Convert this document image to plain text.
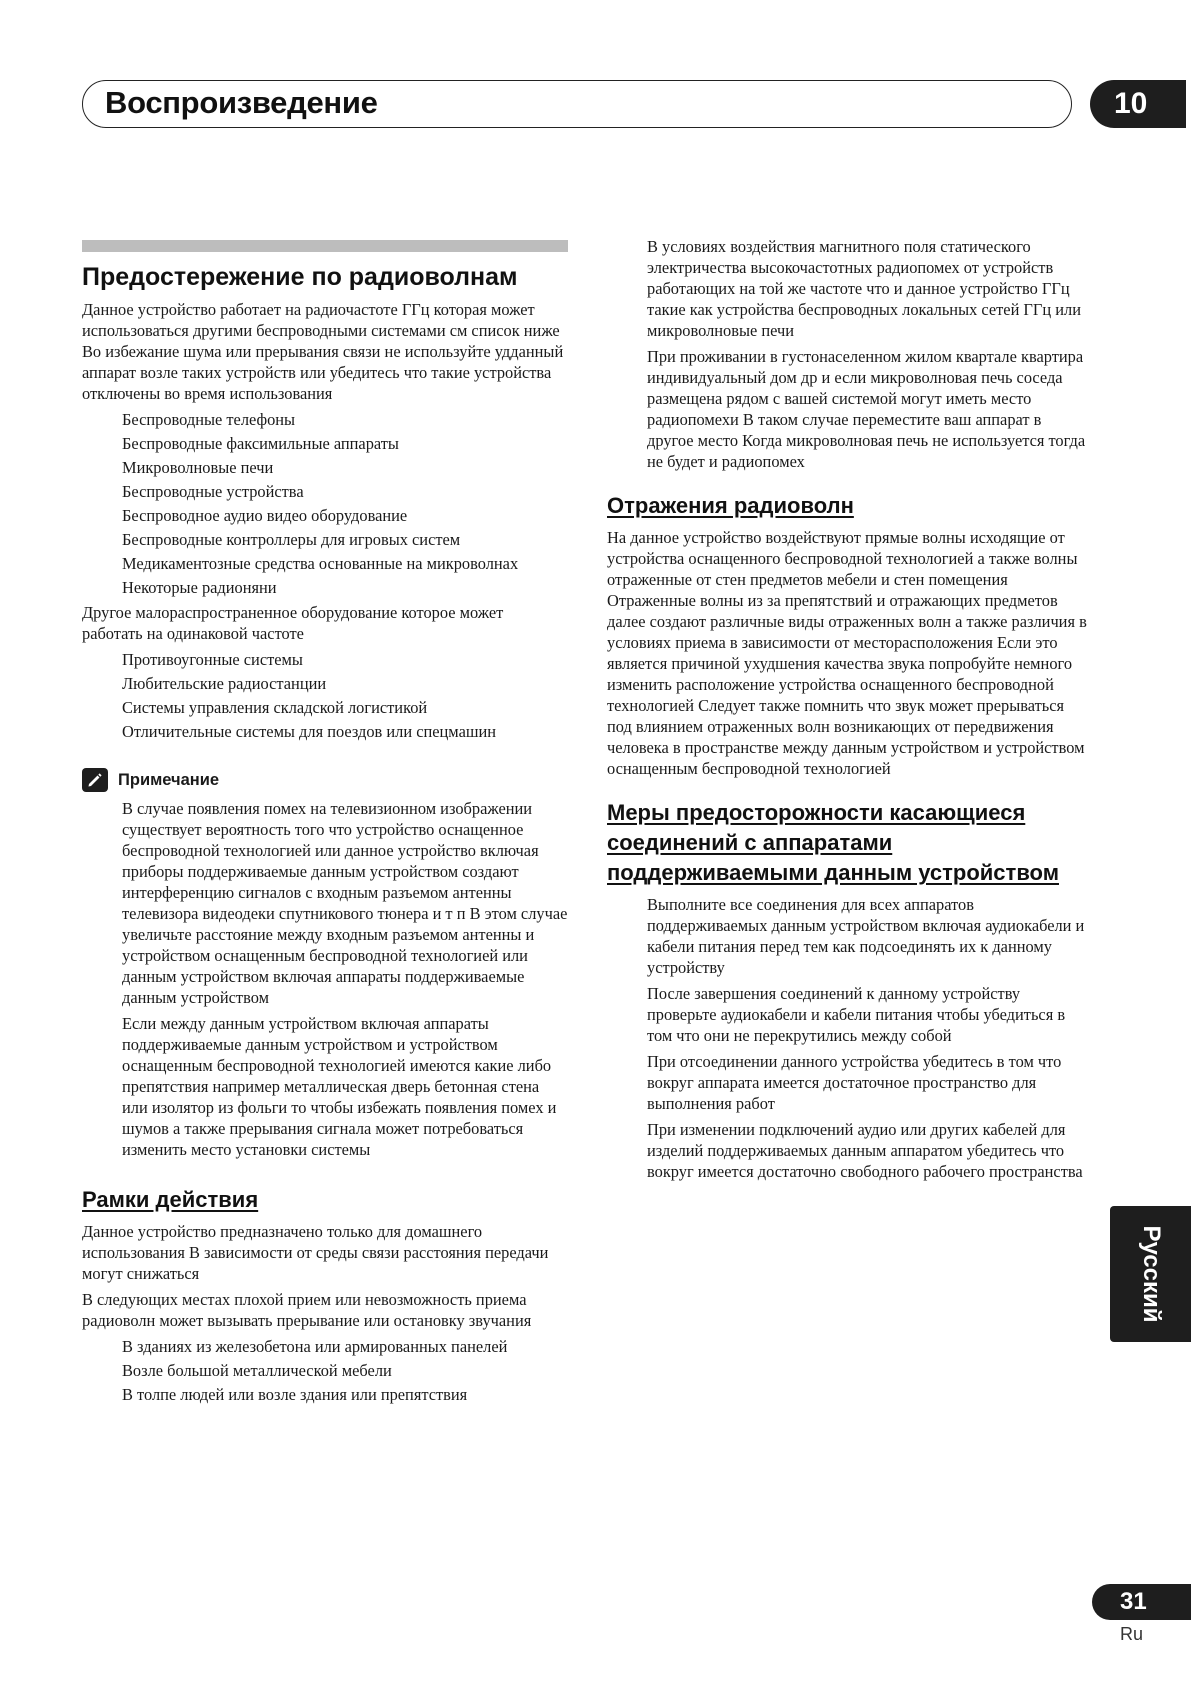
Воспроизведение	10
Предостережение по радиоволнам

Данное устройство работает на радиочастоте ГГц которая может использоваться другими беспроводными системами см список ниже Во избежание шума или прерывания связи не используйте удданный аппарат возле таких устройств или убедитесь что такие устройства отключены во время использования

Беспроводные телефоны
Беспроводные факсимильные аппараты
Микроволновые печи
Беспроводные устройства
Беспроводное аудио видео оборудование
Беспроводные контроллеры для игровых систем
Медикаментозные средства основанные на микроволнах
Некоторые радионяни

Другое малораспространенное оборудование которое может работать на одинаковой частоте

Противоугонные системы
Любительские радиостанции
Системы управления складской логистикой
Отличительные системы для поездов или спецмашин
Примечание

В случае появления помех на телевизионном изображении существует вероятность того что устройство оснащенное беспроводной технологией или данное устройство включая приборы поддерживаемые данным устройством создают интерференцию сигналов с входным разъемом антенны телевизора видеодеки спутникового тюнера и т п В этом случае увеличьте расстояние между входным разъемом антенны и устройством оснащенным беспроводной технологией или данным устройством включая аппараты поддерживаемые данным устройством

Если между данным устройством включая аппараты поддерживаемые данным устройством и устройством оснащенным беспроводной технологией имеются какие либо препятствия например металлическая дверь бетонная стена или изолятор из фольги то чтобы избежать появления помех и шумов а также прерывания сигнала может потребоваться изменить место установки системы

Рамки действия

Данное устройство предназначено только для домашнего использования В зависимости от среды связи расстояния передачи могут снижаться

В следующих местах плохой прием или невозможность приема радиоволн может вызывать прерывание или остановку звучания

В зданиях из железобетона или армированных панелей
Возле большой металлической мебели
В толпе людей или возле здания или препятствия

В условиях воздействия магнитного поля статического электричества высокочастотных радиопомех от устройств работающих на той же частоте что и данное устройство ГГц такие как устройства беспроводных локальных сетей ГГц или микроволновые печи

При проживании в густонаселенном жилом квартале квартира индивидуальный дом др и если микроволновая печь соседа размещена рядом с вашей системой могут иметь место радиопомехи В таком случае переместите ваш аппарат в другое место Когда микроволновая печь не используется тогда не будет и радиопомех

Отражения радиоволн

На данное устройство воздействуют прямые волны исходящие от устройства оснащенного беспроводной технологией а также волны отраженные от стен предметов мебели и стен помещения Отраженные волны из за препятствий и отражающих предметов далее создают различные виды отраженных волн а также различия в условиях приема в зависимости от месторасположения Если это является причиной ухудшения качества звука попробуйте немного изменить расположение устройства оснащенного беспроводной технологией Следует также помнить что звук может прерываться под влиянием отраженных волн возникающих от передвижения человека в пространстве между данным устройством и устройством оснащенным беспроводной технологией

Меры предосторожности касающиеся соединений с аппаратами поддерживаемыми данным устройством

Выполните все соединения для всех аппаратов поддерживаемых данным устройством включая аудиокабели и кабели питания перед тем как подсоединять их к данному устройству

После завершения соединений к данному устройству проверьте аудиокабели и кабели питания чтобы убедиться в том что они не перекрутились между собой

При отсоединении данного устройства убедитесь в том что вокруг аппарата имеется достаточное пространство для выполнения работ

При изменении подключений аудио или других кабелей для изделий поддерживаемых данным аппаратом убедитесь что вокруг имеется достаточно свободного рабочего пространства

Русский
31
Ru
